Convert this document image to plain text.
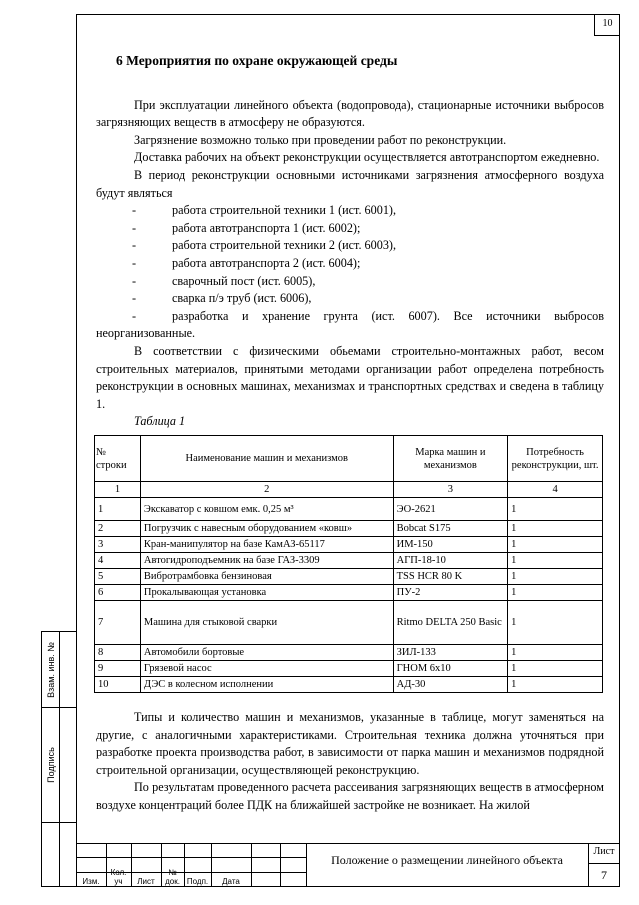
10
Взам. инв. №
Подпись
6 Мероприятия по охране окружающей среды

При эксплуатации линейного объекта (водопровода), стационарные источники выбросов загрязняющих веществ в атмосферу не образуются.

Загрязнение возможно только при проведении работ по реконструкции.

Доставка рабочих на объект реконструкции осуществляется автотранспортом ежедневно.

В период реконструкции основными источниками загрязнения атмосферного воздуха будут являться

-	работа строительной техники 1 (ист. 6001),
-	работа автотранспорта 1 (ист. 6002);
-	работа строительной техники 2 (ист. 6003),
-	работа автотранспорта 2 (ист. 6004);
-	сварочный пост (ист. 6005),
-	сварка п/э труб (ист. 6006),
-	разработка и хранение грунта (ист. 6007). Все источники выбросов неорганизованные.

В соответствии с физическими обьемами строительно-монтажных работ, весом строительных материалов, принятыми методами организации работ определена потребность реконструкции в основных машинах, механизмах и транспортных средствах и сведена в таблицу 1.

Таблица 1

№ строки	Наименование машин и механизмов	Марка машин и механизмов	Потребность реконструкции, шт.
1	2	3	4
1	Экскаватор с ковшом емк. 0,25 м³	ЭО-2621	1
2	Погрузчик с навесным оборудованием «ковш»	Bobcat S175	1
3	Кран-манипулятор на базе КамАЗ-65117	ИМ-150	1
4	Автогидроподъемник на базе ГАЗ-3309	АГП-18-10	1
5	Вибротрамбовка бензиновая	TSS HCR 80 K	1
6	Прокалывающая установка	ПУ-2	1
7	Машина для стыковой сварки	Ritmo DELTA 250 Basic	1
8	Автомобили бортовые	ЗИЛ-133	1
9	Грязевой насос	ГНОМ 6х10	1
10	ДЭС в колесном исполнении	АД-30	1

Типы и количество машин и механизмов, указанные в таблице, могут заменяться на другие, с аналогичными характеристиками. Строительная техника должна уточняться при разработке проекта производства работ, в зависимости от парка машин и механизмов подрядной строительной организации, осуществляющей реконструкцию.

По результатам проведенного расчета рассеивания загрязняющих веществ в атмосферном воздухе концентраций более ПДК на ближайшей застройке не возникает. На жилой

Изм.
Кол. уч	Лист
№ док. Подп.	Дата
Положение о размещении линейного объекта
Лист
7
